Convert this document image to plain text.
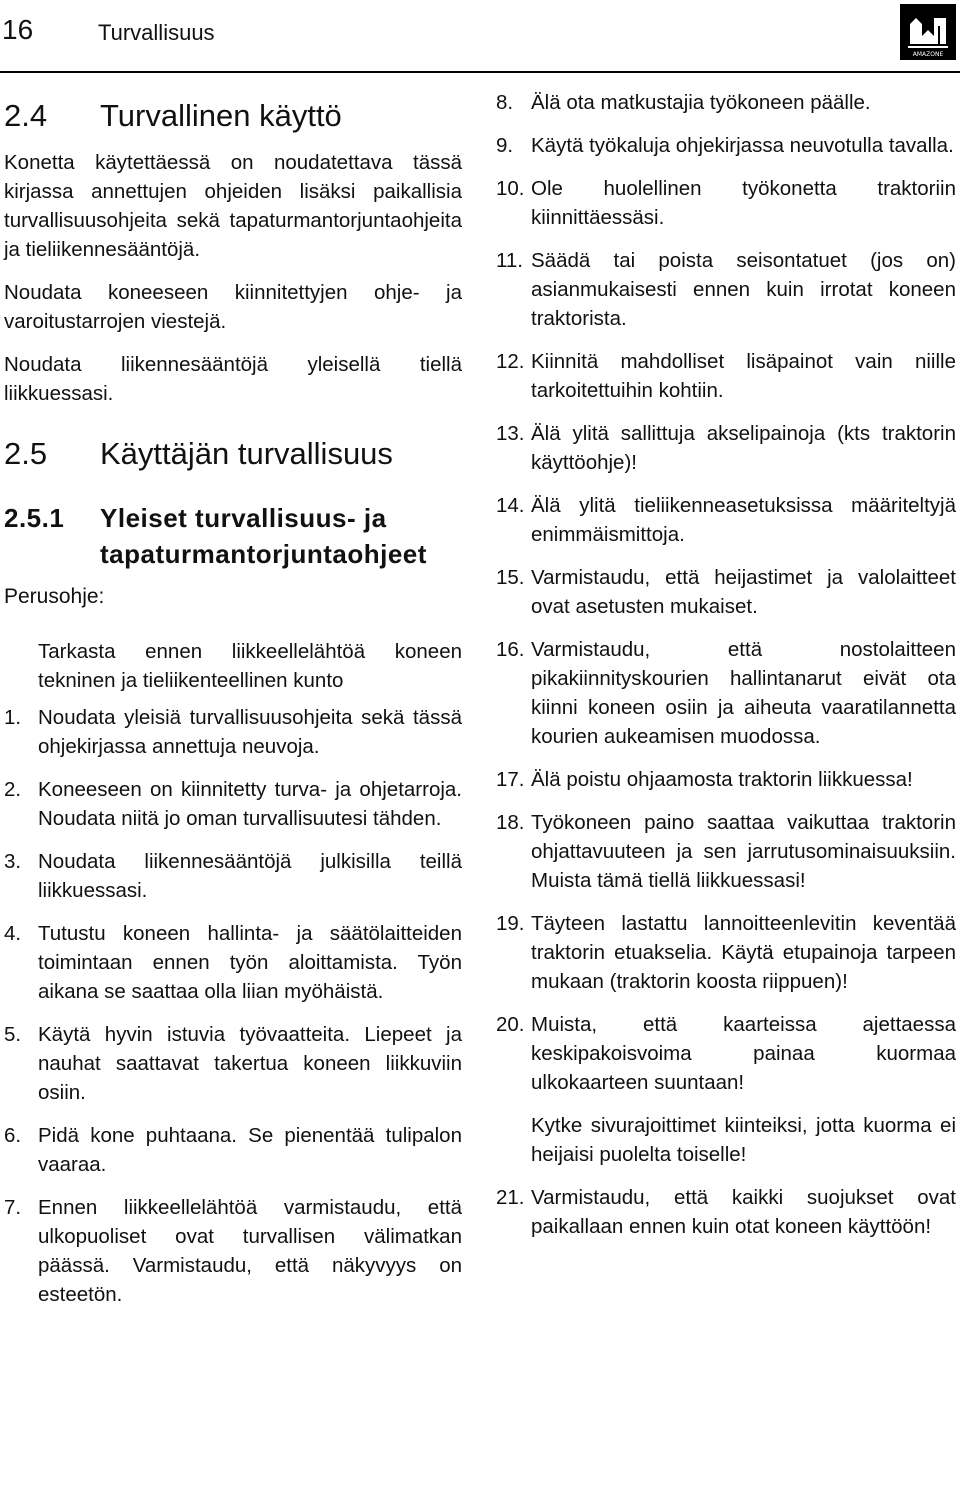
16	Turvallisuus
AMAZONE
2.4	Turvallinen käyttö

Konetta käytettäessä on noudatettava tässä kirjassa annettujen ohjeiden lisäksi paikallisia turvallisuusohjeita sekä tapaturmantorjuntaohjeita ja tieliikennesääntöjä.

Noudata koneeseen kiinnitettyjen ohje- ja varoitustarrojen viestejä.

Noudata liikennesääntöjä yleisellä tiellä liikkuessasi.

2.5	Käyttäjän turvallisuus
2.5.1	Yleiset turvallisuus- ja tapaturmantorjuntaohjeet
Perusohje:

Tarkasta ennen liikkeellelähtöä koneen tekninen ja tieliikenteellinen kunto

1. Noudata yleisiä turvallisuusohjeita sekä tässä ohjekirjassa annettuja neuvoja.
2. Koneeseen on kiinnitetty turva- ja ohjetarroja. Noudata niitä jo oman turvallisuutesi tähden.
3. Noudata liikennesääntöjä julkisilla teillä liikkuessasi.
4. Tutustu koneen hallinta- ja säätölaitteiden toimintaan ennen työn aloittamista. Työn aikana se saattaa olla liian myöhäistä.
5. Käytä hyvin istuvia työvaatteita. Liepeet ja nauhat saattavat takertua koneen liikkuviin osiin.
6. Pidä kone puhtaana. Se pienentää tulipalon vaaraa.
7. Ennen liikkeellelähtöä varmistaudu, että ulkopuoliset ovat turvallisen välimatkan päässä. Varmistaudu, että näkyvyys on esteetön.
8. Älä ota matkustajia työkoneen päälle.
9. Käytä työkaluja ohjekirjassa neuvotulla tavalla.
10. Ole huolellinen työkonetta traktoriin kiinnittäessäsi.
11. Säädä tai poista seisontatuet (jos on) asianmukaisesti ennen kuin irrotat koneen traktorista.
12. Kiinnitä mahdolliset lisäpainot vain niille tarkoitettuihin kohtiin.
13. Älä ylitä sallittuja akselipainoja (kts traktorin käyttöohje)!
14. Älä ylitä tieliikenneasetuksissa määriteltyjä enimmäismittoja.
15. Varmistaudu, että heijastimet ja valolaitteet ovat asetusten mukaiset.
16. Varmistaudu, että nostolaitteen pikakiinnityskourien hallintanarut eivät ota kiinni koneen osiin ja aiheuta vaaratilannetta kourien aukeamisen muodossa.
17. Älä poistu ohjaamosta traktorin liikkuessa!
18. Työkoneen paino saattaa vaikuttaa traktorin ohjattavuuteen ja sen jarrutusominaisuuksiin. Muista tämä tiellä liikkuessasi!
19. Täyteen lastattu lannoitteenlevitin keventää traktorin etuakselia. Käytä etupainoja tarpeen mukaan (traktorin koosta riippuen)!
20. Muista, että kaarteissa ajettaessa keskipakoisvoima painaa kuormaa ulkokaarteen suuntaan!
Kytke sivurajoittimet kiinteiksi, jotta kuorma ei heijaisi puolelta toiselle!
21. Varmistaudu, että kaikki suojukset ovat paikallaan ennen kuin otat koneen käyttöön!
